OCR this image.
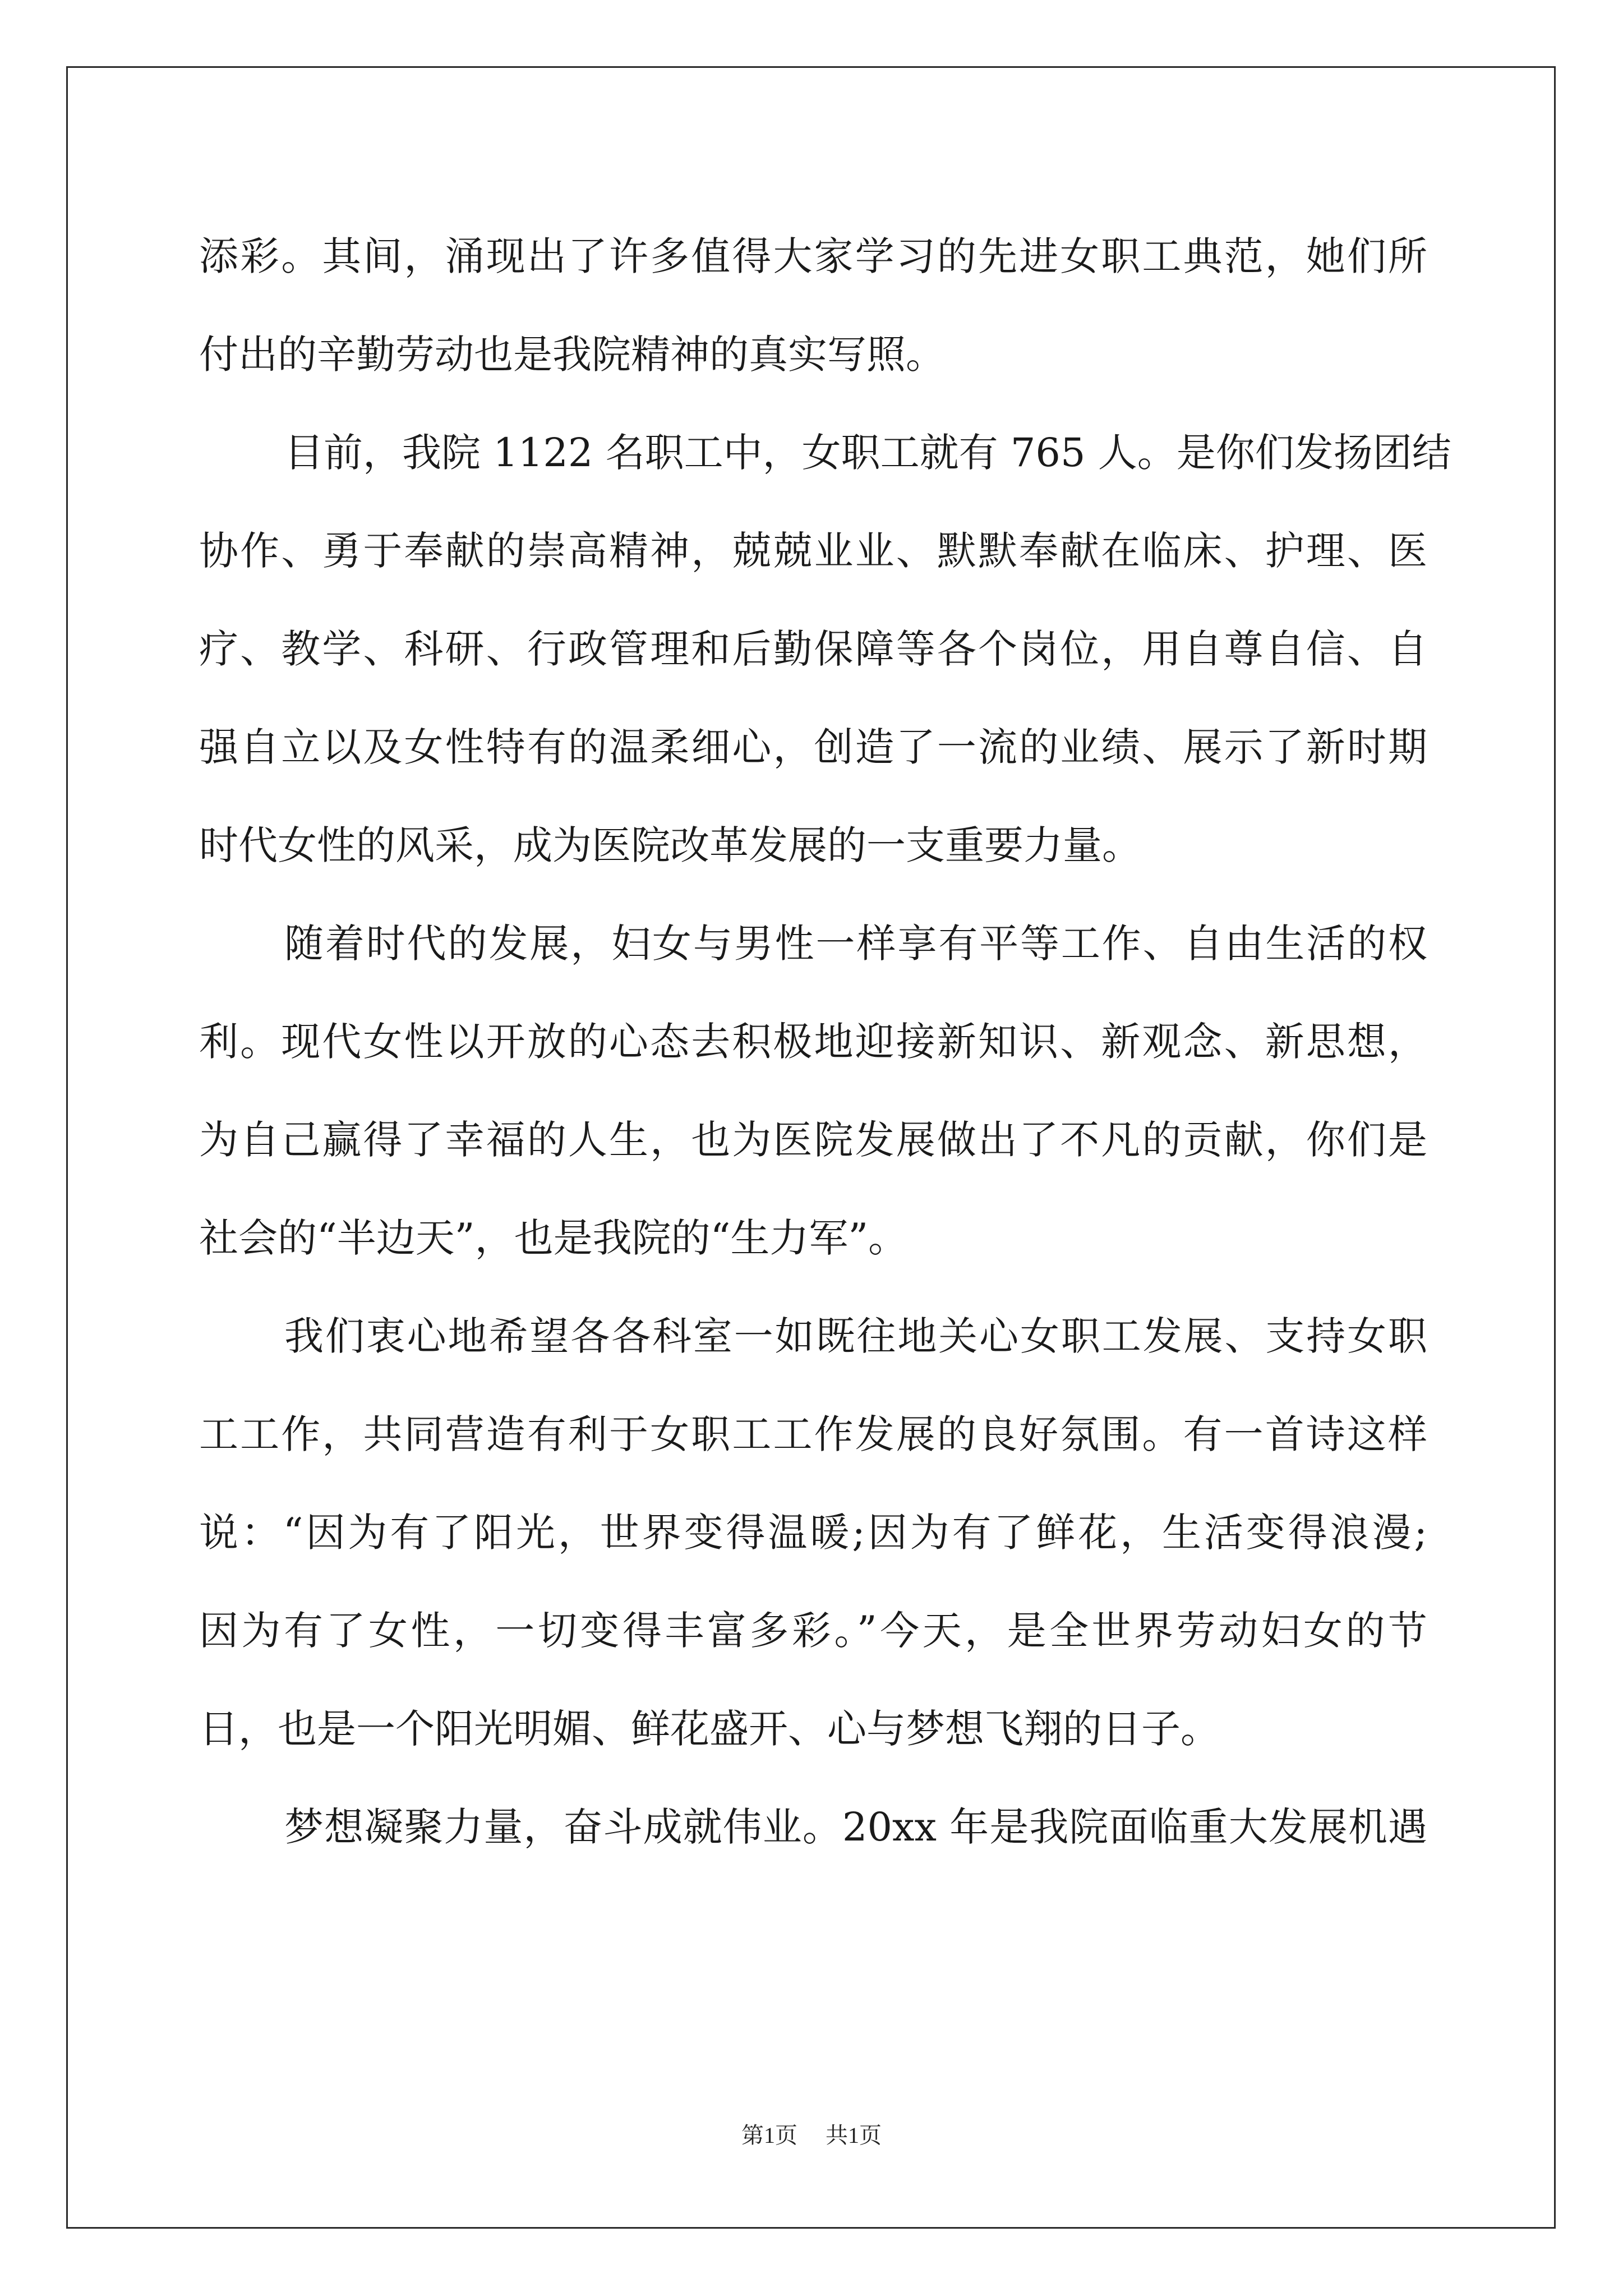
添彩。其间，涌现出了许多值得大家学习的先进女职工典范，她们所
付出的辛勤劳动也是我院精神的真实写照。
目前，我院 1122 名职工中，女职工就有 765 人。是你们发扬团结
协作、勇于奉献的崇高精神，兢兢业业、默默奉献在临床、护理、医
疗、教学、科研、行政管理和后勤保障等各个岗位，用自尊自信、自
强自立以及女性特有的温柔细心，创造了一流的业绩、展示了新时期
时代女性的风采，成为医院改革发展的一支重要力量。
随着时代的发展，妇女与男性一样享有平等工作、自由生活的权
利。现代女性以开放的心态去积极地迎接新知识、新观念、新思想，
为自己赢得了幸福的人生，也为医院发展做出了不凡的贡献，你们是
社会的“半边天”，也是我院的“生力军”。
我们衷心地希望各各科室一如既往地关心女职工发展、支持女职
工工作，共同营造有利于女职工工作发展的良好氛围。有一首诗这样
说：“因为有了阳光，世界变得温暖;因为有了鲜花，生活变得浪漫;
因为有了女性，一切变得丰富多彩。”今天，是全世界劳动妇女的节
日，也是一个阳光明媚、鲜花盛开、心与梦想飞翔的日子。
梦想凝聚力量，奋斗成就伟业。20xx 年是我院面临重大发展机遇
第1页 共1页
